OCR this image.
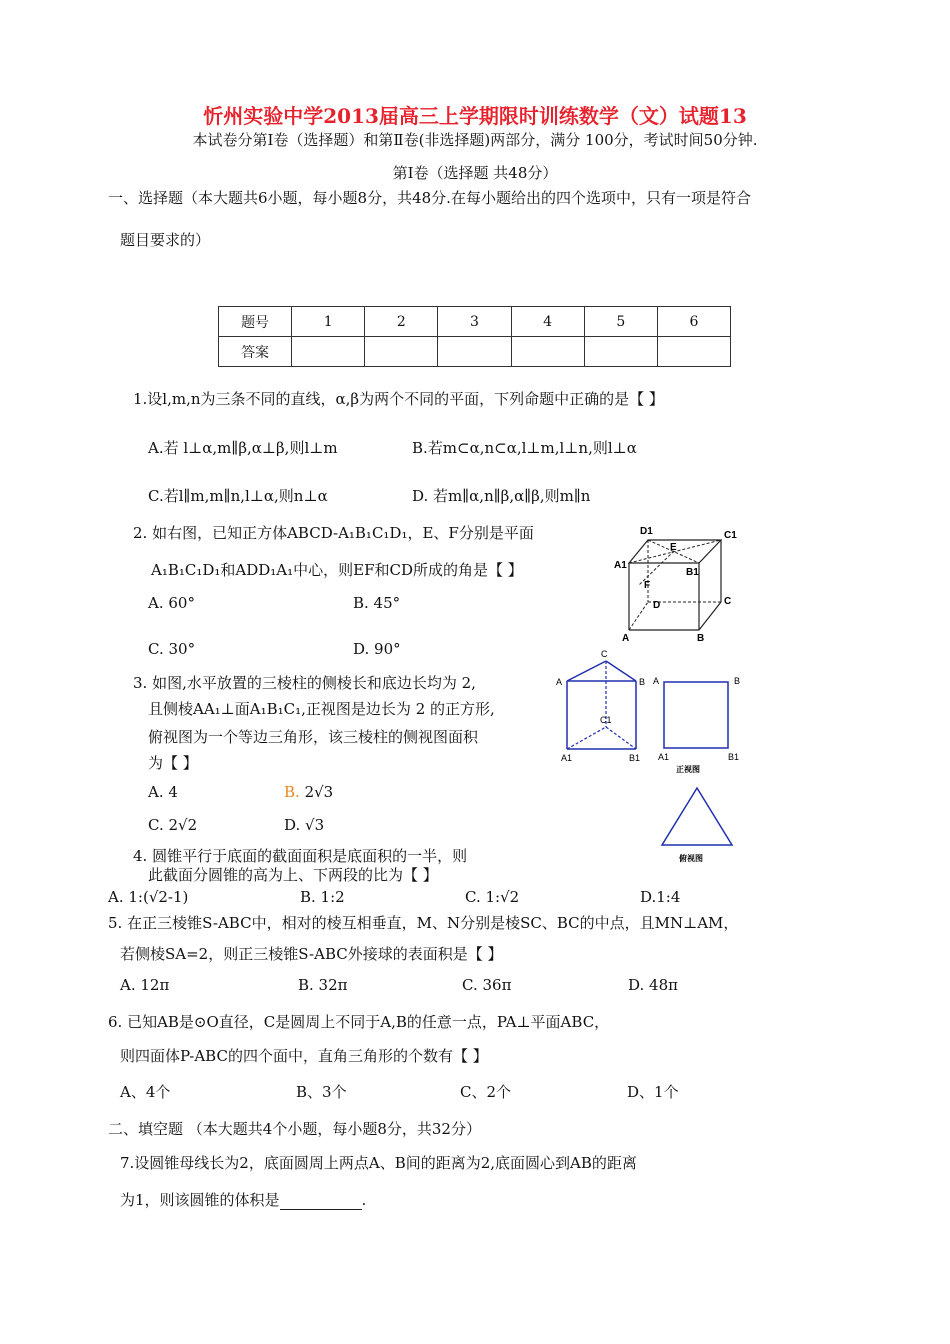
忻州实验中学2013届高三上学期限时训练数学（文）试题13
本试卷分第Ⅰ卷（选择题）和第Ⅱ卷(非选择题)两部分，满分 100分，考试时间50分钟.
第Ⅰ卷（选择题 共48分）
一、选择题（本大题共6小题，每小题8分，共48分.在每小题给出的四个选项中，只有一项是符合
题目要求的）
题号	1	2	3	4	5	6
答案						
1.设l,m,n为三条不同的直线，α,β为两个不同的平面，下列命题中正确的是【 】
A.若 l⊥α,m∥β,α⊥β,则l⊥m	B.若m⊂α,n⊂α,l⊥m,l⊥n,则l⊥α
C.若l∥m,m∥n,l⊥α,则n⊥α	D. 若m∥α,n∥β,α∥β,则m∥n
2. 如右图，已知正方体ABCD-A₁B₁C₁D₁，E、F分别是平面
A₁B₁C₁D₁和ADD₁A₁中心，则EF和CD所成的角是【 】
A. 60°	B. 45°
C. 30°	D. 90°
D1
E
C1
A1
B1
F
D	C
A	B
3. 如图,水平放置的三棱柱的侧棱长和底边长均为 2,
且侧棱AA₁⊥面A₁B₁C₁,正视图是边长为 2 的正方形,
俯视图为一个等边三角形，该三棱柱的侧视图面积
为【 】
A. 4	B. 2√3
C. 2√2	D. √3
C
A	B
C1
A1	B1
A	B
A1	B1
正视图
俯视图
4. 圆锥平行于底面的截面面积是底面积的一半，则
此截面分圆锥的高为上、下两段的比为【 】
A. 1:(√2-1)	B. 1:2	C. 1:√2	D.1:4
5. 在正三棱锥S-ABC中，相对的棱互相垂直，M、N分别是棱SC、BC的中点，且MN⊥AM，
若侧棱SA=2，则正三棱锥S-ABC外接球的表面积是【 】
A. 12π	B. 32π	C. 36π	D. 48π
6. 已知AB是⊙O直径，C是圆周上不同于A,B的任意一点，PA⊥平面ABC，
则四面体P-ABC的四个面中，直角三角形的个数有【 】
A、4个	B、3个	C、2个	D、1个
二、填空题 （本大题共4个小题，每小题8分，共32分）
7.设圆锥母线长为2，底面圆周上两点A、B间的距离为2,底面圆心到AB的距离
为1，则该圆锥的体积是	.
